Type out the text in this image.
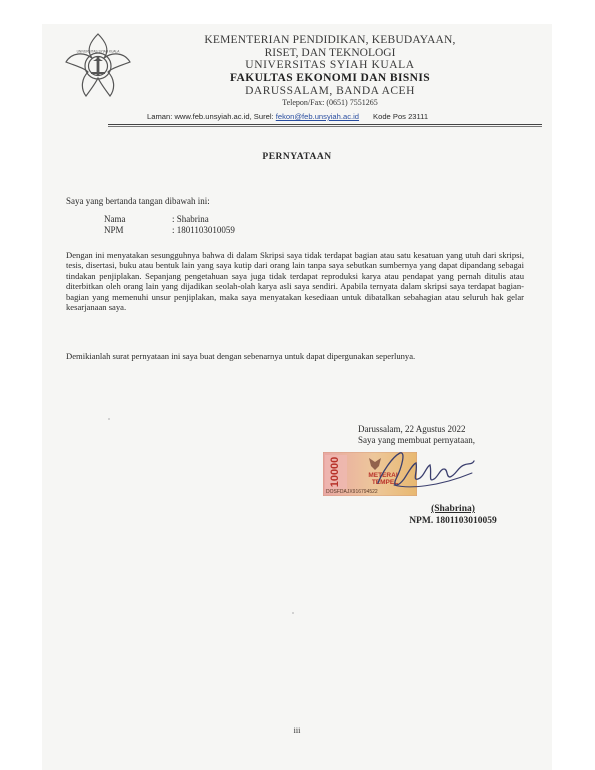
UNIVERSITAS SYIAH KUALA
KEMENTERIAN PENDIDIKAN, KEBUDAYAAN,
RISET, DAN TEKNOLOGI
UNIVERSITAS SYIAH KUALA
FAKULTAS EKONOMI DAN BISNIS
DARUSSALAM, BANDA ACEH
Telepon/Fax: (0651) 7551265
Laman: www.feb.unsyiah.ac.id, Surel: fekon@feb.unsyiah.ac.id Kode Pos 23111
PERNYATAAN
Saya yang bertanda tangan dibawah ini:
Nama	: Shabrina
NPM	: 1801103010059
Dengan ini menyatakan sesungguhnya bahwa di dalam Skripsi saya tidak terdapat bagian atau satu kesatuan yang utuh dari skripsi, tesis, disertasi, buku atau bentuk lain yang saya kutip dari orang lain tanpa saya sebutkan sumbernya yang dapat dipandang sebagai tindakan penjiplakan. Sepanjang pengetahuan saya juga tidak terdapat reproduksi karya atau pendapat yang pernah ditulis atau diterbitkan oleh orang lain yang dijadikan seolah-olah karya asli saya sendiri. Apabila ternyata dalam skripsi saya terdapat bagian-bagian yang memenuhi unsur penjiplakan, maka saya menyatakan kesediaan untuk dibatalkan sebahagian atau seluruh hak gelar kesarjanaan saya.
Demikianlah surat pernyataan ini saya buat dengan sebenarnya untuk dapat dipergunakan seperlunya.
Darussalam, 22 Agustus 2022
Saya yang membuat pernyataan,
10000	METERAI
TEMPEL
DOSFDAJX916794522
(Shabrina)
NPM. 1801103010059
iii
